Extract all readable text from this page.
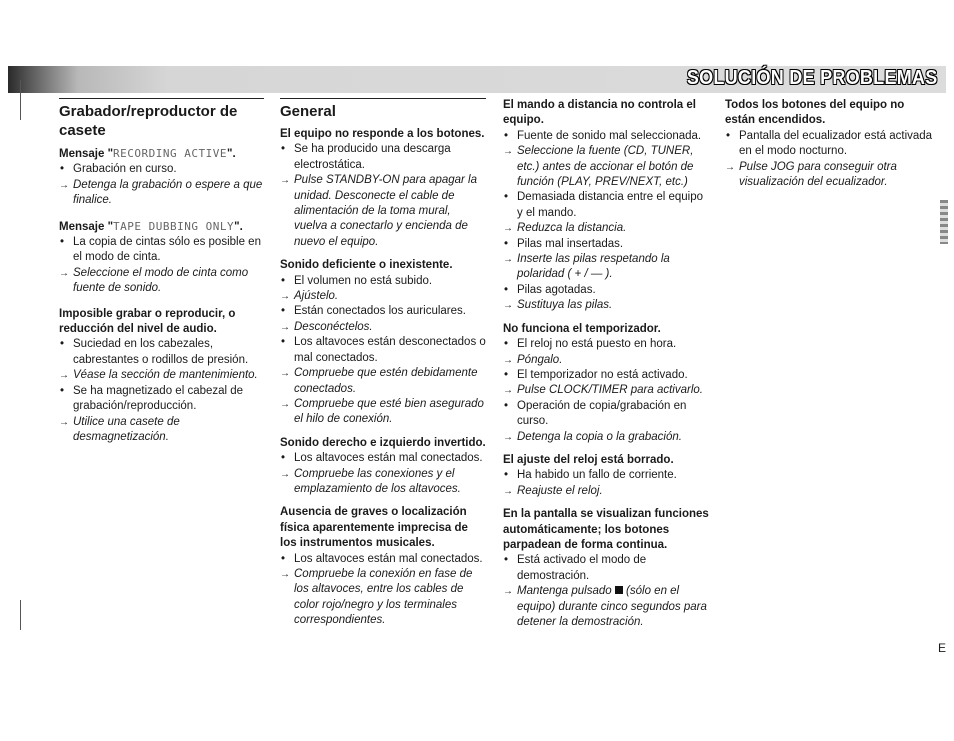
SOLUCIÓN DE PROBLEMAS
Grabador/reproductor de casete
Mensaje "RECORDING ACTIVE".
• Grabación en curso.
→ Detenga la grabación o espere a que finalice.
Mensaje "TAPE DUBBING ONLY".
• La copia de cintas sólo es posible en el modo de cinta.
→ Seleccione el modo de cinta como fuente de sonido.
Imposible grabar o reproducir, o reducción del nivel de audio.
• Suciedad en los cabezales, cabrestantes o rodillos de presión.
→ Véase la sección de mantenimiento.
• Se ha magnetizado el cabezal de grabación/reproducción.
→ Utilice una casete de desmagnetización.
General
El equipo no responde a los botones.
• Se ha producido una descarga electrostática.
→ Pulse STANDBY-ON para apagar la unidad. Desconecte el cable de alimentación de la toma mural, vuelva a conectarlo y encienda de nuevo el equipo.
Sonido deficiente o inexistente.
• El volumen no está subido.
→ Ajústelo.
• Están conectados los auriculares.
→ Desconéctelos.
• Los altavoces están desconectados o mal conectados.
→ Compruebe que estén debidamente conectados.
→ Compruebe que esté bien asegurado el hilo de conexión.
Sonido derecho e izquierdo invertido.
• Los altavoces están mal conectados.
→ Compruebe las conexiones y el emplazamiento de los altavoces.
Ausencia de graves o localización física aparentemente imprecisa de los instrumentos musicales.
• Los altavoces están mal conectados.
→ Compruebe la conexión en fase de los altavoces, entre los cables de color rojo/negro y los terminales correspondientes.
El mando a distancia no controla el equipo.
• Fuente de sonido mal seleccionada.
→ Seleccione la fuente (CD, TUNER, etc.) antes de accionar el botón de función (PLAY, PREV/NEXT, etc.)
• Demasiada distancia entre el equipo y el mando.
→ Reduzca la distancia.
• Pilas mal insertadas.
→ Inserte las pilas respetando la polaridad ( + / — ).
• Pilas agotadas.
→ Sustituya las pilas.
No funciona el temporizador.
• El reloj no está puesto en hora.
→ Póngalo.
• El temporizador no está activado.
→ Pulse CLOCK/TIMER para activarlo.
• Operación de copia/grabación en curso.
→ Detenga la copia o la grabación.
El ajuste del reloj está borrado.
• Ha habido un fallo de corriente.
→ Reajuste el reloj.
En la pantalla se visualizan funciones automáticamente; los botones parpadean de forma continua.
• Está activado el modo de demostración.
→ Mantenga pulsado (sólo en el equipo) durante cinco segundos para detener la demostración.
Todos los botones del equipo no están encendidos.
• Pantalla del ecualizador está activada en el modo nocturno.
→ Pulse JOG para conseguir otra visualización del ecualizador.
E
